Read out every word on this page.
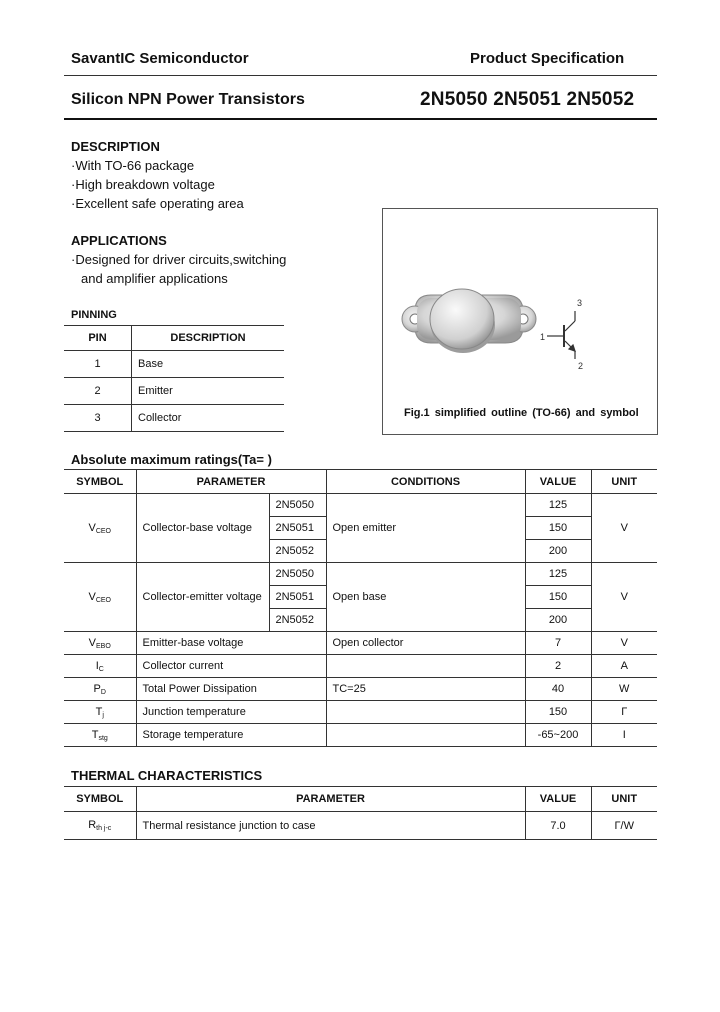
SavantIC Semiconductor	Product Specification
Silicon NPN Power Transistors	2N5050 2N5051 2N5052
DESCRIPTION
·With TO-66 package
·High breakdown voltage
·Excellent safe operating area
APPLICATIONS
·Designed for driver circuits,switching
and amplifier applications
PINNING
PIN	DESCRIPTION
1	Base
2	Emitter
3	Collector
1
3
2
Fig.1 simplified outline (TO-66) and symbol
Absolute maximum ratings(Ta= )
SYMBOL	PARAMETER		CONDITIONS	VALUE	UNIT
$V_{CEO}$	Collector-base voltage	2N5050	Open emitter	125	V
		2N5051		150	
		2N5052		200	
$V_{CEO}$	Collector-emitter voltage	2N5050	Open base	125	V
		2N5051		150	
		2N5052		200	
$V_{EBO}$	Emitter-base voltage		Open collector	7	V
$I_C$	Collector current			2	A
$P_D$	Total Power Dissipation		TC=25	40	W
$T_j$	Junction temperature			150	Γ
$T_{stg}$	Storage temperature			-65~200	I
THERMAL CHARACTERISTICS
SYMBOL	PARAMETER	VALUE	UNIT
$R_{th j-c}$	Thermal resistance junction to case	7.0	Γ/W
